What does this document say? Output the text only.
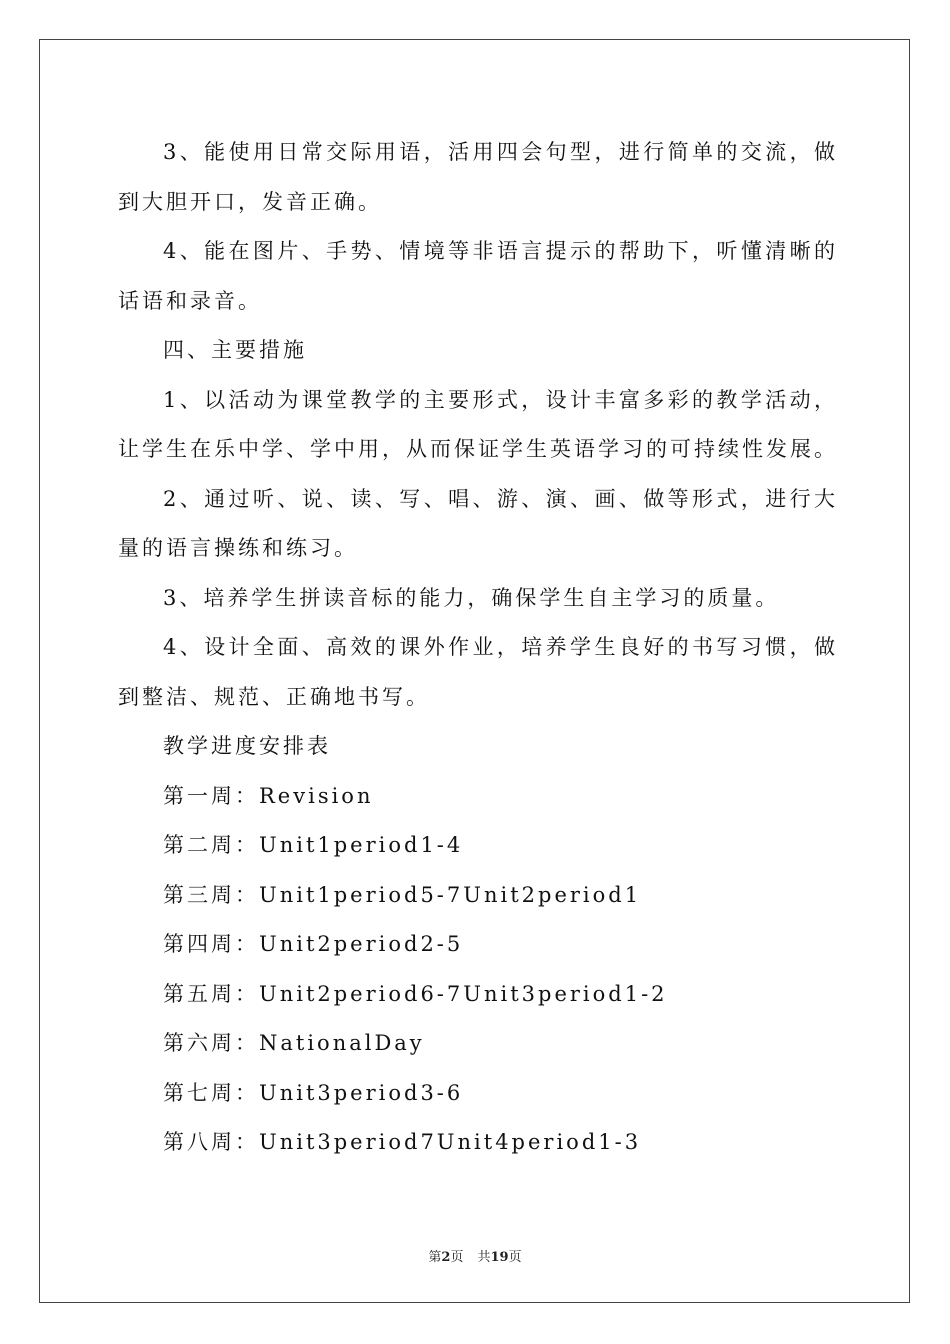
3、能使用日常交际用语，活用四会句型，进行简单的交流，做到大胆开口，发音正确。

4、能在图片、手势、情境等非语言提示的帮助下，听懂清晰的话语和录音。

四、主要措施

1、以活动为课堂教学的主要形式，设计丰富多彩的教学活动，让学生在乐中学、学中用，从而保证学生英语学习的可持续性发展。

2、通过听、说、读、写、唱、游、演、画、做等形式，进行大量的语言操练和练习。

3、培养学生拼读音标的能力，确保学生自主学习的质量。

4、设计全面、高效的课外作业，培养学生良好的书写习惯，做到整洁、规范、正确地书写。

教学进度安排表

第一周：Revision

第二周：Unit1period1-4

第三周：Unit1period5-7Unit2period1

第四周：Unit2period2-5

第五周：Unit2period6-7Unit3period1-2

第六周：NationalDay

第七周：Unit3period3-6

第八周：Unit3period7Unit4period1-3

第2页 共19页
